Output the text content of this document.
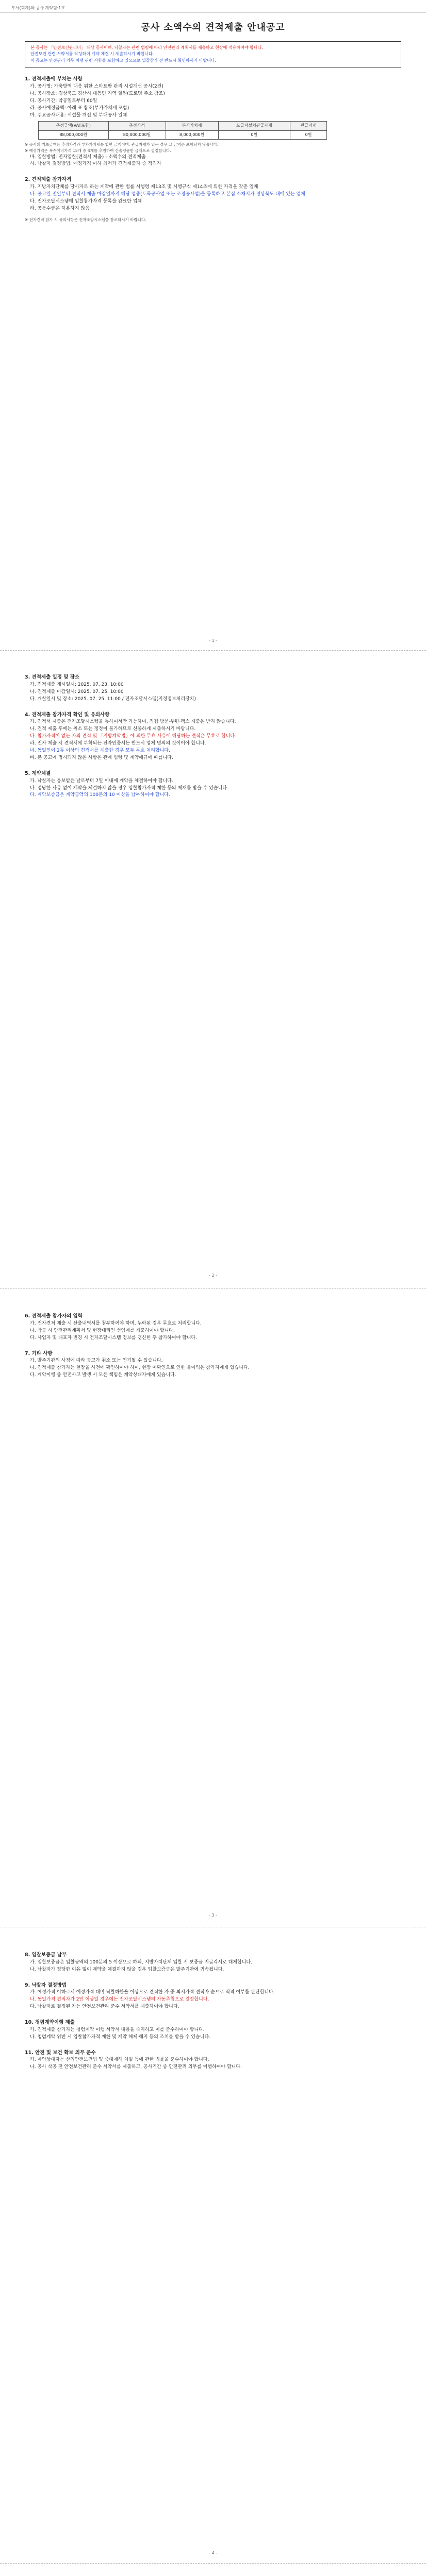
부서(회계)와 공사 계약팀:1호
공사 소액수의 견적제출 안내공고
본 공사는 「안전보건관리비」 대상 공사이며, 낙찰자는 관련 법령에 따라 안전관리 계획서를 제출하고 현장에 적용하여야 합니다.
안전보건 관련 서약서를 작성하여 계약 체결 시 제출하시기 바랍니다.
이 공고는 안전관리 의무 이행 관련 사항을 포함하고 있으므로 입찰참가 전 반드시 확인하시기 바랍니다.
1. 견적제출에 부치는 사항
가. 공사명: 가축방역 대응 위한 스마트팜 관리 시설개선 공사(2건)
나. 공사장소: 경상북도 경산시 대동면 지역 일원(도로명 주소 참조)
다. 공사기간: 착공일로부터 60일
라. 공사예정금액: 아래 표 참조(부가가치세 포함)
마. 주요공사내용: 시설물 개선 및 부대공사 일체
추정금액(VAT포함)	추정가격	부가가치세	도급자설치관급자재	관급자재
88,000,000원	80,000,000원	8,000,000원	0원	0원
※ 공사의 기초금액은 추정가격과 부가가치세를 합한 금액이며, 관급자재가 있는 경우 그 금액은 포함되지 않습니다.
※ 예정가격은 복수예비가격 15개 중 4개를 추첨하여 산술평균한 금액으로 결정합니다.
바. 입찰방법: 전자입찰(견적서 제출) - 소액수의 견적제출
사. 낙찰자 결정방법: 예정가격 이하 최저가 견적제출자 중 적격자
2. 견적제출 참가자격
가. 지방자치단체를 당사자로 하는 계약에 관한 법률 시행령 제13조 및 시행규칙 제14조에 의한 자격을 갖춘 업체
나. 공고일 전일부터 견적서 제출 마감일까지 해당 업종(토목공사업 또는 조경공사업)을 등록하고 본점 소재지가 경상북도 내에 있는 업체
다. 전자조달시스템에 입찰참가자격 등록을 완료한 업체
라. 공동수급은 허용하지 않음
※ 전자견적 참가 시 유의사항은 전자조달시스템을 참조하시기 바랍니다.
- 1 -
3. 견적제출 일정 및 장소
가. 견적제출 개시일시: 2025. 07. 23. 10:00
나. 견적제출 마감일시: 2025. 07. 25. 10:00
다. 개찰일시 및 장소: 2025. 07. 25. 11:00 / 전자조달시스템(지정정보처리장치)
4. 견적제출 참가자격 확인 및 유의사항
가. 견적서 제출은 전자조달시스템을 통하여서만 가능하며, 직접 방문·우편·팩스 제출은 받지 않습니다.
나. 견적 제출 후에는 취소 또는 정정이 불가하므로 신중하게 제출하시기 바랍니다.
다. 참가자격이 없는 자의 견적 및 「지방계약법」에 의한 무효 사유에 해당하는 견적은 무효로 합니다.
라. 전자 제출 시 견적서에 부착되는 전자인증서는 반드시 업체 명의의 것이어야 합니다.
마. 동일인이 2통 이상의 견적서를 제출한 경우 모두 무효 처리합니다.
바. 본 공고에 명시되지 않은 사항은 관계 법령 및 계약예규에 따릅니다.
5. 계약체결
가. 낙찰자는 통보받은 날로부터 7일 이내에 계약을 체결하여야 합니다.
나. 정당한 사유 없이 계약을 체결하지 않을 경우 입찰참가자격 제한 등의 제재를 받을 수 있습니다.
다. 계약보증금은 계약금액의 100분의 10 이상을 납부하여야 합니다.
- 2 -
6. 견적제출 참가자의 입력
가. 전자견적 제출 시 산출내역서를 첨부하여야 하며, 누락된 경우 무효로 처리합니다.
나. 착공 시 안전관리계획서 및 현장대리인 선임계를 제출하여야 합니다.
다. 사업자 및 대표자 변경 시 전자조달시스템 정보를 갱신한 후 참가하여야 합니다.
7. 기타 사항
가. 발주기관의 사정에 따라 공고가 취소 또는 연기될 수 있습니다.
나. 견적제출 참가자는 현장을 사전에 확인하여야 하며, 현장 미확인으로 인한 불이익은 참가자에게 있습니다.
다. 계약이행 중 안전사고 발생 시 모든 책임은 계약상대자에게 있습니다.
- 3 -
8. 입찰보증금 납부
가. 입찰보증금은 입찰금액의 100분의 5 이상으로 하되, 지방자치단체 입찰 시 보증금 지급각서로 대체합니다.
나. 낙찰자가 정당한 이유 없이 계약을 체결하지 않을 경우 입찰보증금은 발주기관에 귀속됩니다.
9. 낙찰자 결정방법
가. 예정가격 이하로서 예정가격 대비 낙찰하한율 이상으로 견적한 자 중 최저가격 견적자 순으로 적격 여부를 판단합니다.
나. 동일가격 견적자가 2인 이상일 경우에는 전자조달시스템의 자동추첨으로 결정합니다.
다. 낙찰자로 결정된 자는 안전보건관리 준수 서약서를 제출하여야 합니다.
10. 청렴계약이행 제출
가. 견적제출 참가자는 청렴계약 이행 서약서 내용을 숙지하고 이를 준수하여야 합니다.
나. 청렴계약 위반 시 입찰참가자격 제한 및 계약 해제·해지 등의 조치를 받을 수 있습니다.
11. 안전 및 보건 확보 의무 준수
가. 계약상대자는 산업안전보건법 및 중대재해 처벌 등에 관한 법률을 준수하여야 합니다.
나. 공사 착공 전 안전보건관리 준수 서약서를 제출하고, 공사기간 중 안전관리 의무를 이행하여야 합니다.
- 4 -
